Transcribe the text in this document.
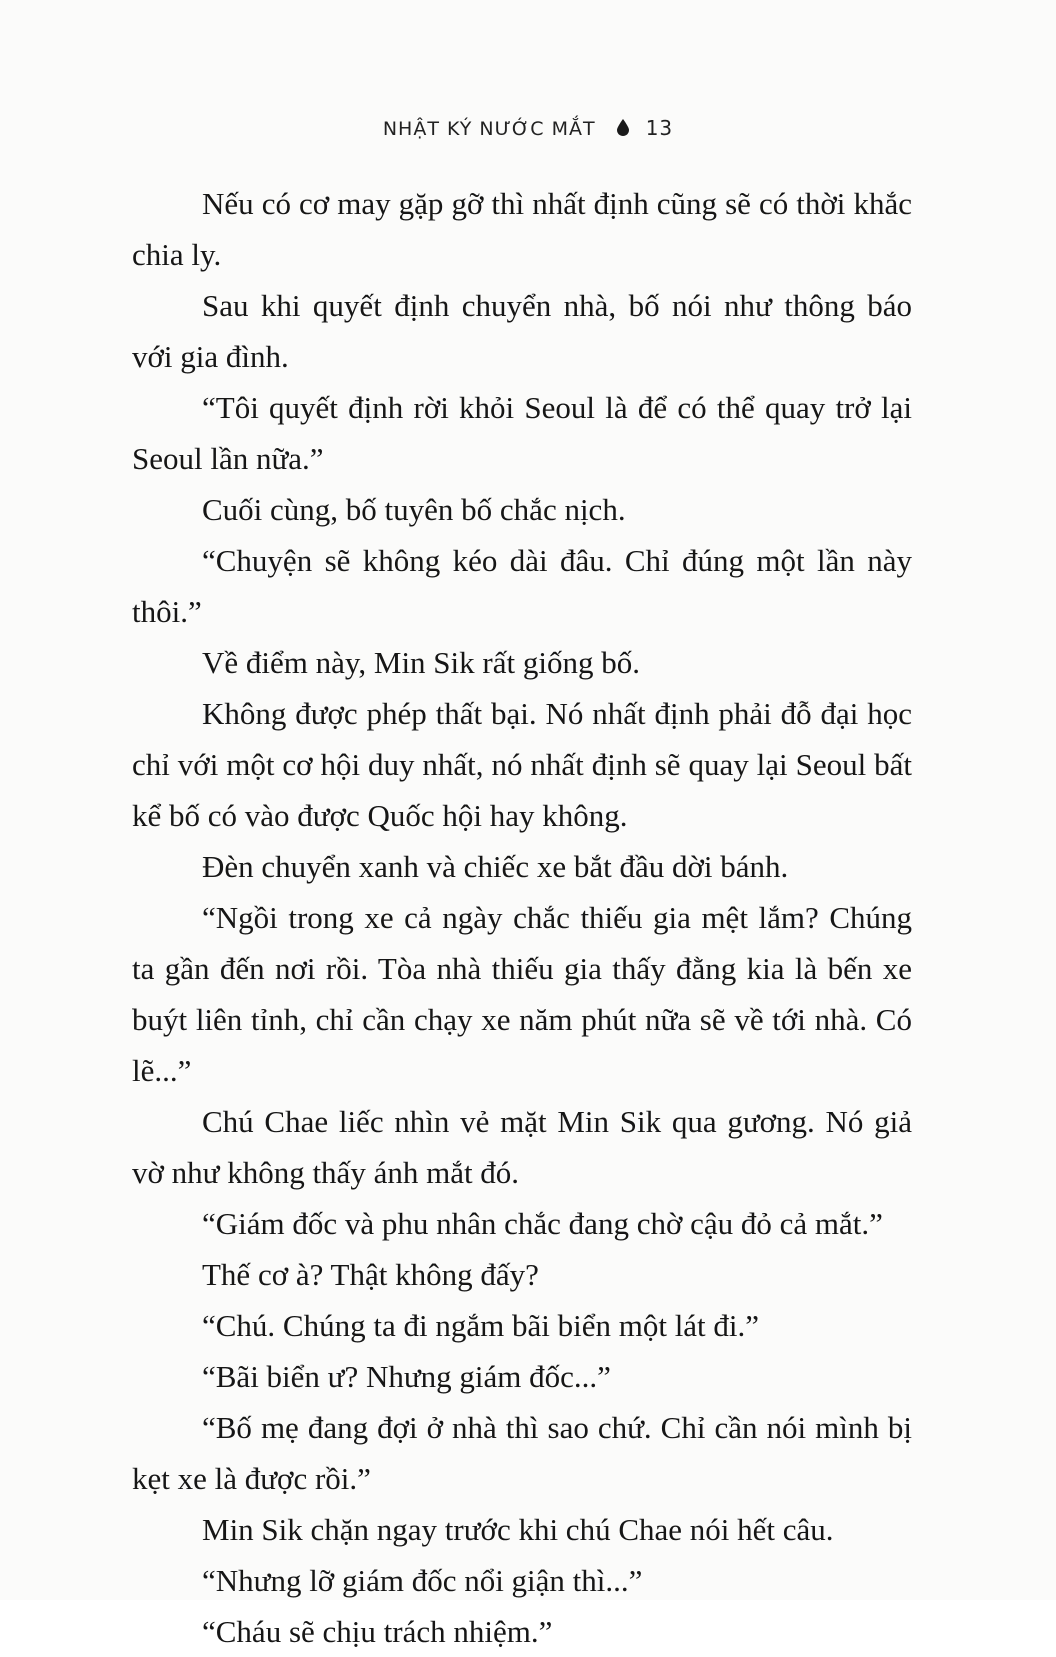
NHẬT KÝ NƯỚC MẮT	13

Nếu có cơ may gặp gỡ thì nhất định cũng sẽ có thời khắc chia ly.

Sau khi quyết định chuyển nhà, bố nói như thông báo với gia đình.

“Tôi quyết định rời khỏi Seoul là để có thể quay trở lại Seoul lần nữa.”

Cuối cùng, bố tuyên bố chắc nịch.

“Chuyện sẽ không kéo dài đâu. Chỉ đúng một lần này thôi.”

Về điểm này, Min Sik rất giống bố.

Không được phép thất bại. Nó nhất định phải đỗ đại học chỉ với một cơ hội duy nhất, nó nhất định sẽ quay lại Seoul bất kể bố có vào được Quốc hội hay không.

Đèn chuyển xanh và chiếc xe bắt đầu dời bánh.

“Ngồi trong xe cả ngày chắc thiếu gia mệt lắm? Chúng ta gần đến nơi rồi. Tòa nhà thiếu gia thấy đằng kia là bến xe buýt liên tỉnh, chỉ cần chạy xe năm phút nữa sẽ về tới nhà. Có lẽ...”

Chú Chae liếc nhìn vẻ mặt Min Sik qua gương. Nó giả vờ như không thấy ánh mắt đó.

“Giám đốc và phu nhân chắc đang chờ cậu đỏ cả mắt.”

Thế cơ à? Thật không đấy?

“Chú. Chúng ta đi ngắm bãi biển một lát đi.”

“Bãi biển ư? Nhưng giám đốc...”

“Bố mẹ đang đợi ở nhà thì sao chứ. Chỉ cần nói mình bị kẹt xe là được rồi.”

Min Sik chặn ngay trước khi chú Chae nói hết câu.

“Nhưng lỡ giám đốc nổi giận thì...”

“Cháu sẽ chịu trách nhiệm.”
